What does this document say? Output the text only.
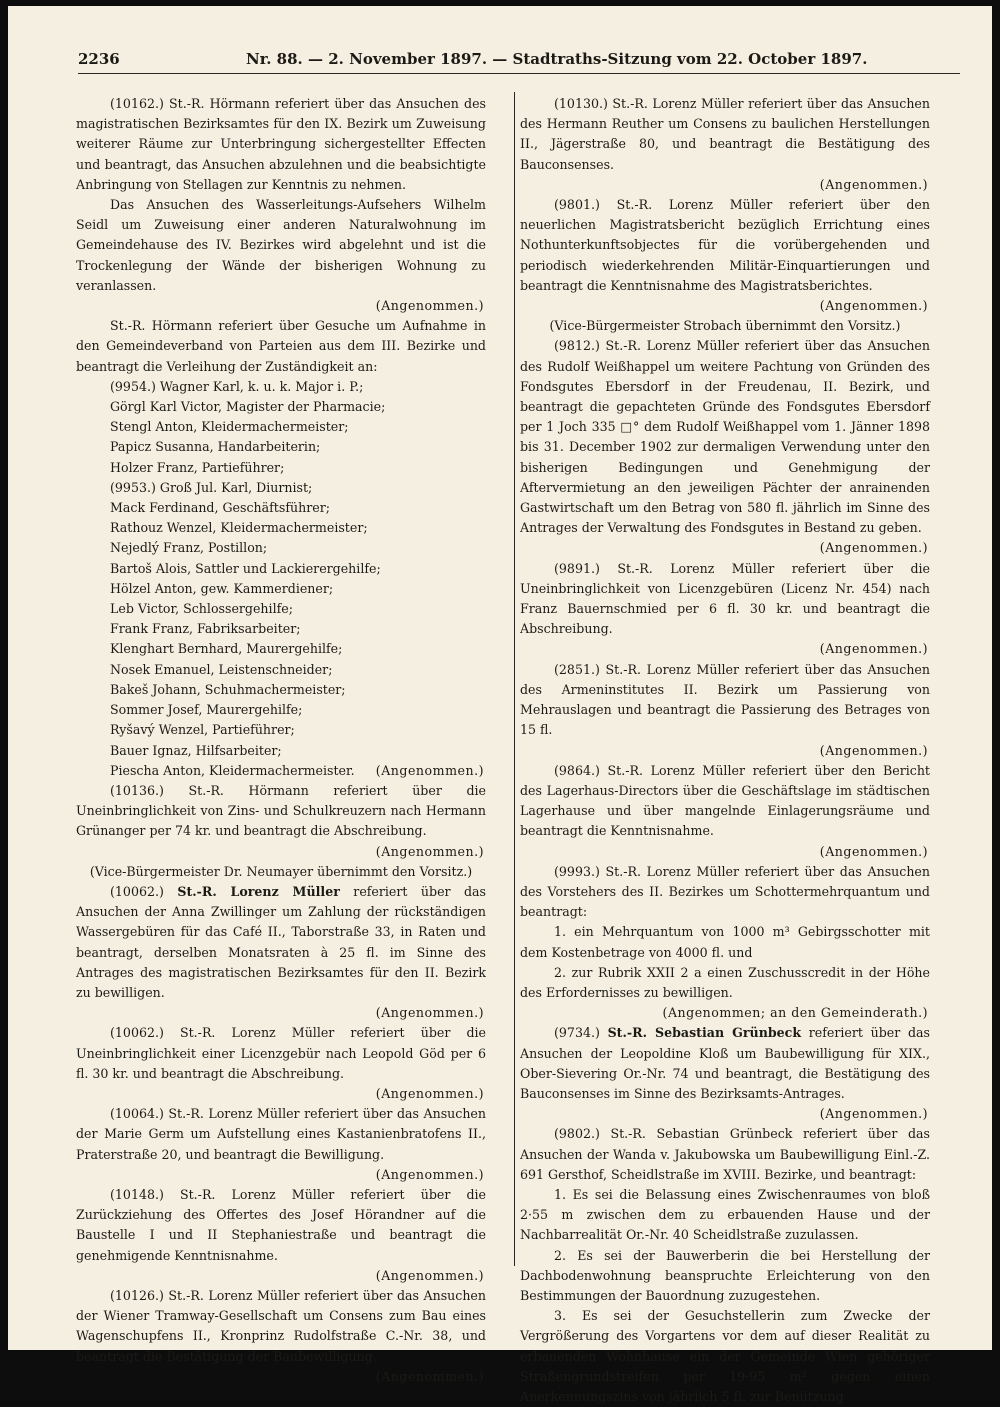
2236	Nr. 88. — 2. November 1897. — Stadtraths-Sitzung vom 22. October 1897.

(10162.) St.-R. Hörmann referiert über das Ansuchen des magistratischen Bezirksamtes für den IX. Bezirk um Zuweisung weiterer Räume zur Unterbringung sichergestellter Effecten und beantragt, das Ansuchen abzulehnen und die beabsichtigte Anbringung von Stellagen zur Kenntnis zu nehmen.

Das Ansuchen des Wasserleitungs-Aufsehers Wilhelm Seidl um Zuweisung einer anderen Naturalwohnung im Gemeindehause des IV. Bezirkes wird abgelehnt und ist die Trockenlegung der Wände der bisherigen Wohnung zu veranlassen.
(Angenommen.)

St.-R. Hörmann referiert über Gesuche um Aufnahme in den Gemeindeverband von Parteien aus dem III. Bezirke und beantragt die Verleihung der Zuständigkeit an:

(9954.) Wagner Karl, k. u. k. Major i. P.;

Görgl Karl Victor, Magister der Pharmacie;

Stengl Anton, Kleidermachermeister;

Papicz Susanna, Handarbeiterin;

Holzer Franz, Partieführer;

(9953.) Groß Jul. Karl, Diurnist;

Mack Ferdinand, Geschäftsführer;

Rathouz Wenzel, Kleidermachermeister;

Nejedlý Franz, Postillon;

Bartoš Alois, Sattler und Lackierergehilfe;

Hölzel Anton, gew. Kammerdiener;

Leb Victor, Schlossergehilfe;

Frank Franz, Fabriksarbeiter;

Klenghart Bernhard, Maurergehilfe;

Nosek Emanuel, Leistenschneider;

Bakeš Johann, Schuhmachermeister;

Sommer Josef, Maurergehilfe;

Ryšavý Wenzel, Partieführer;

Bauer Ignaz, Hilfsarbeiter;

Piescha Anton, Kleidermachermeister. (Angenommen.)

(10136.) St.-R. Hörmann referiert über die Uneinbringlichkeit von Zins- und Schulkreuzern nach Hermann Grünanger per 74 kr. und beantragt die Abschreibung.
(Angenommen.)

(Vice-Bürgermeister Dr. Neumayer übernimmt den Vorsitz.)

(10062.) St.-R. Lorenz Müller referiert über das Ansuchen der Anna Zwillinger um Zahlung der rückständigen Wassergebüren für das Café II., Taborstraße 33, in Raten und beantragt, derselben Monatsraten à 25 fl. im Sinne des Antrages des magistratischen Bezirksamtes für den II. Bezirk zu bewilligen.
(Angenommen.)

(10062.) St.-R. Lorenz Müller referiert über die Uneinbringlichkeit einer Licenzgebür nach Leopold Göd per 6 fl. 30 kr. und beantragt die Abschreibung.
(Angenommen.)

(10064.) St.-R. Lorenz Müller referiert über das Ansuchen der Marie Germ um Aufstellung eines Kastanienbratofens II., Praterstraße 20, und beantragt die Bewilligung.
(Angenommen.)

(10148.) St.-R. Lorenz Müller referiert über die Zurückziehung des Offertes des Josef Hörandner auf die Baustelle I und II Stephaniestraße und beantragt die genehmigende Kenntnisnahme.
(Angenommen.)

(10126.) St.-R. Lorenz Müller referiert über das Ansuchen der Wiener Tramway-Gesellschaft um Consens zum Bau eines Wagenschupfens II., Kronprinz Rudolfstraße C.-Nr. 38, und beantragt die Bestätigung der Baubewilligung.
(Angenommen.)

(10130.) St.-R. Lorenz Müller referiert über das Ansuchen des Hermann Reuther um Consens zu baulichen Herstellungen II., Jägerstraße 80, und beantragt die Bestätigung des Bauconsenses.
(Angenommen.)

(9801.) St.-R. Lorenz Müller referiert über den neuerlichen Magistratsbericht bezüglich Errichtung eines Nothunterkunftsobjectes für die vorübergehenden und periodisch wiederkehrenden Militär-Einquartierungen und beantragt die Kenntnisnahme des Magistratsberichtes.
(Angenommen.)

(Vice-Bürgermeister Strobach übernimmt den Vorsitz.)

(9812.) St.-R. Lorenz Müller referiert über das Ansuchen des Rudolf Weißhappel um weitere Pachtung von Gründen des Fondsgutes Ebersdorf in der Freudenau, II. Bezirk, und beantragt die gepachteten Gründe des Fondsgutes Ebersdorf per 1 Joch 335 □° dem Rudolf Weißhappel vom 1. Jänner 1898 bis 31. December 1902 zur dermaligen Verwendung unter den bisherigen Bedingungen und Genehmigung der Aftervermietung an den jeweiligen Pächter der anrainenden Gastwirtschaft um den Betrag von 580 fl. jährlich im Sinne des Antrages der Verwaltung des Fondsgutes in Bestand zu geben.
(Angenommen.)

(9891.) St.-R. Lorenz Müller referiert über die Uneinbringlichkeit von Licenzgebüren (Licenz Nr. 454) nach Franz Bauernschmied per 6 fl. 30 kr. und beantragt die Abschreibung.
(Angenommen.)

(2851.) St.-R. Lorenz Müller referiert über das Ansuchen des Armeninstitutes II. Bezirk um Passierung von Mehrauslagen und beantragt die Passierung des Betrages von 15 fl.
(Angenommen.)

(9864.) St.-R. Lorenz Müller referiert über den Bericht des Lagerhaus-Directors über die Geschäftslage im städtischen Lagerhause und über mangelnde Einlagerungsräume und beantragt die Kenntnisnahme.
(Angenommen.)

(9993.) St.-R. Lorenz Müller referiert über das Ansuchen des Vorstehers des II. Bezirkes um Schottermehrquantum und beantragt:

1. ein Mehrquantum von 1000 m³ Gebirgsschotter mit dem Kostenbetrage von 4000 fl. und

2. zur Rubrik XXII 2 a einen Zuschusscredit in der Höhe des Erfordernisses zu bewilligen.

(Angenommen; an den Gemeinderath.)

(9734.) St.-R. Sebastian Grünbeck referiert über das Ansuchen der Leopoldine Kloß um Baubewilligung für XIX., Ober-Sievering Or.-Nr. 74 und beantragt, die Bestätigung des Bauconsenses im Sinne des Bezirksamts-Antrages.
(Angenommen.)

(9802.) St.-R. Sebastian Grünbeck referiert über das Ansuchen der Wanda v. Jakubowska um Baubewilligung Einl.-Z. 691 Gersthof, Scheidlstraße im XVIII. Bezirke, und beantragt:

1. Es sei die Belassung eines Zwischenraumes von bloß 2·55 m zwischen dem zu erbauenden Hause und der Nachbarrealität Or.-Nr. 40 Scheidlstraße zuzulassen.

2. Es sei der Bauwerberin die bei Herstellung der Dachbodenwohnung beanspruchte Erleichterung von den Bestimmungen der Bauordnung zuzugestehen.

3. Es sei der Gesuchstellerin zum Zwecke der Vergrößerung des Vorgartens vor dem auf dieser Realität zu erbauenden Wohnhause ein der Gemeinde Wien gehöriger Straßengrundstreifen per 19·95 m² gegen einen Anerkennungszins von jährlich 5 fl. zur Benützung
